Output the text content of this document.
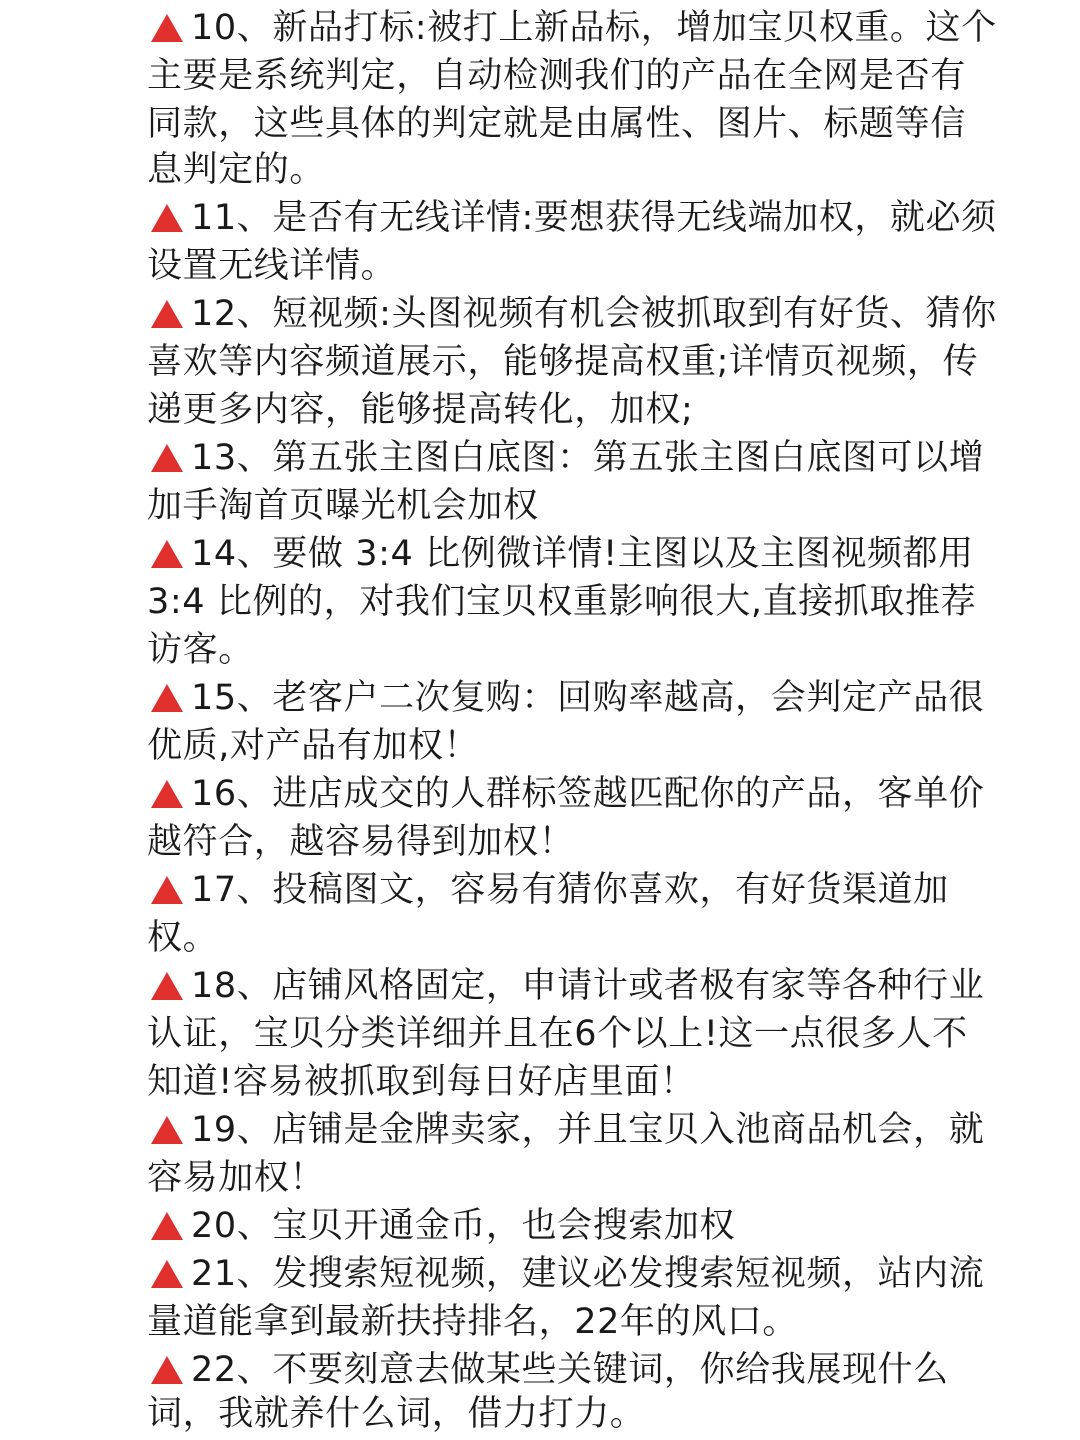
10、新品打标:被打上新品标，增加宝贝权重。这个
主要是系统判定，自动检测我们的产品在全网是否有
同款，这些具体的判定就是由属性、图片、标题等信
息判定的。
11、是否有无线详情:要想获得无线端加权，就必须
设置无线详情。
12、短视频:头图视频有机会被抓取到有好货、猜你
喜欢等内容频道展示，能够提高权重;详情页视频，传
递更多内容，能够提高转化，加权;
13、第五张主图白底图：第五张主图白底图可以增
加手淘首页曝光机会加权
14、要做 3:4 比例微详情!主图以及主图视频都用
3:4 比例的，对我们宝贝权重影响很大,直接抓取推荐
访客。
15、老客户二次复购：回购率越高，会判定产品很
优质,对产品有加权！
16、进店成交的人群标签越匹配你的产品，客单价
越符合，越容易得到加权！
17、投稿图文，容易有猜你喜欢，有好货渠道加
权。
18、店铺风格固定，申请计或者极有家等各种行业
认证，宝贝分类详细并且在6个以上!这一点很多人不
知道!容易被抓取到每日好店里面！
19、店铺是金牌卖家，并且宝贝入池商品机会，就
容易加权！
20、宝贝开通金币，也会搜索加权
21、发搜索短视频，建议必发搜索短视频，站内流
量道能拿到最新扶持排名，22年的风口。
22、不要刻意去做某些关键词，你给我展现什么
词，我就养什么词，借力打力。
